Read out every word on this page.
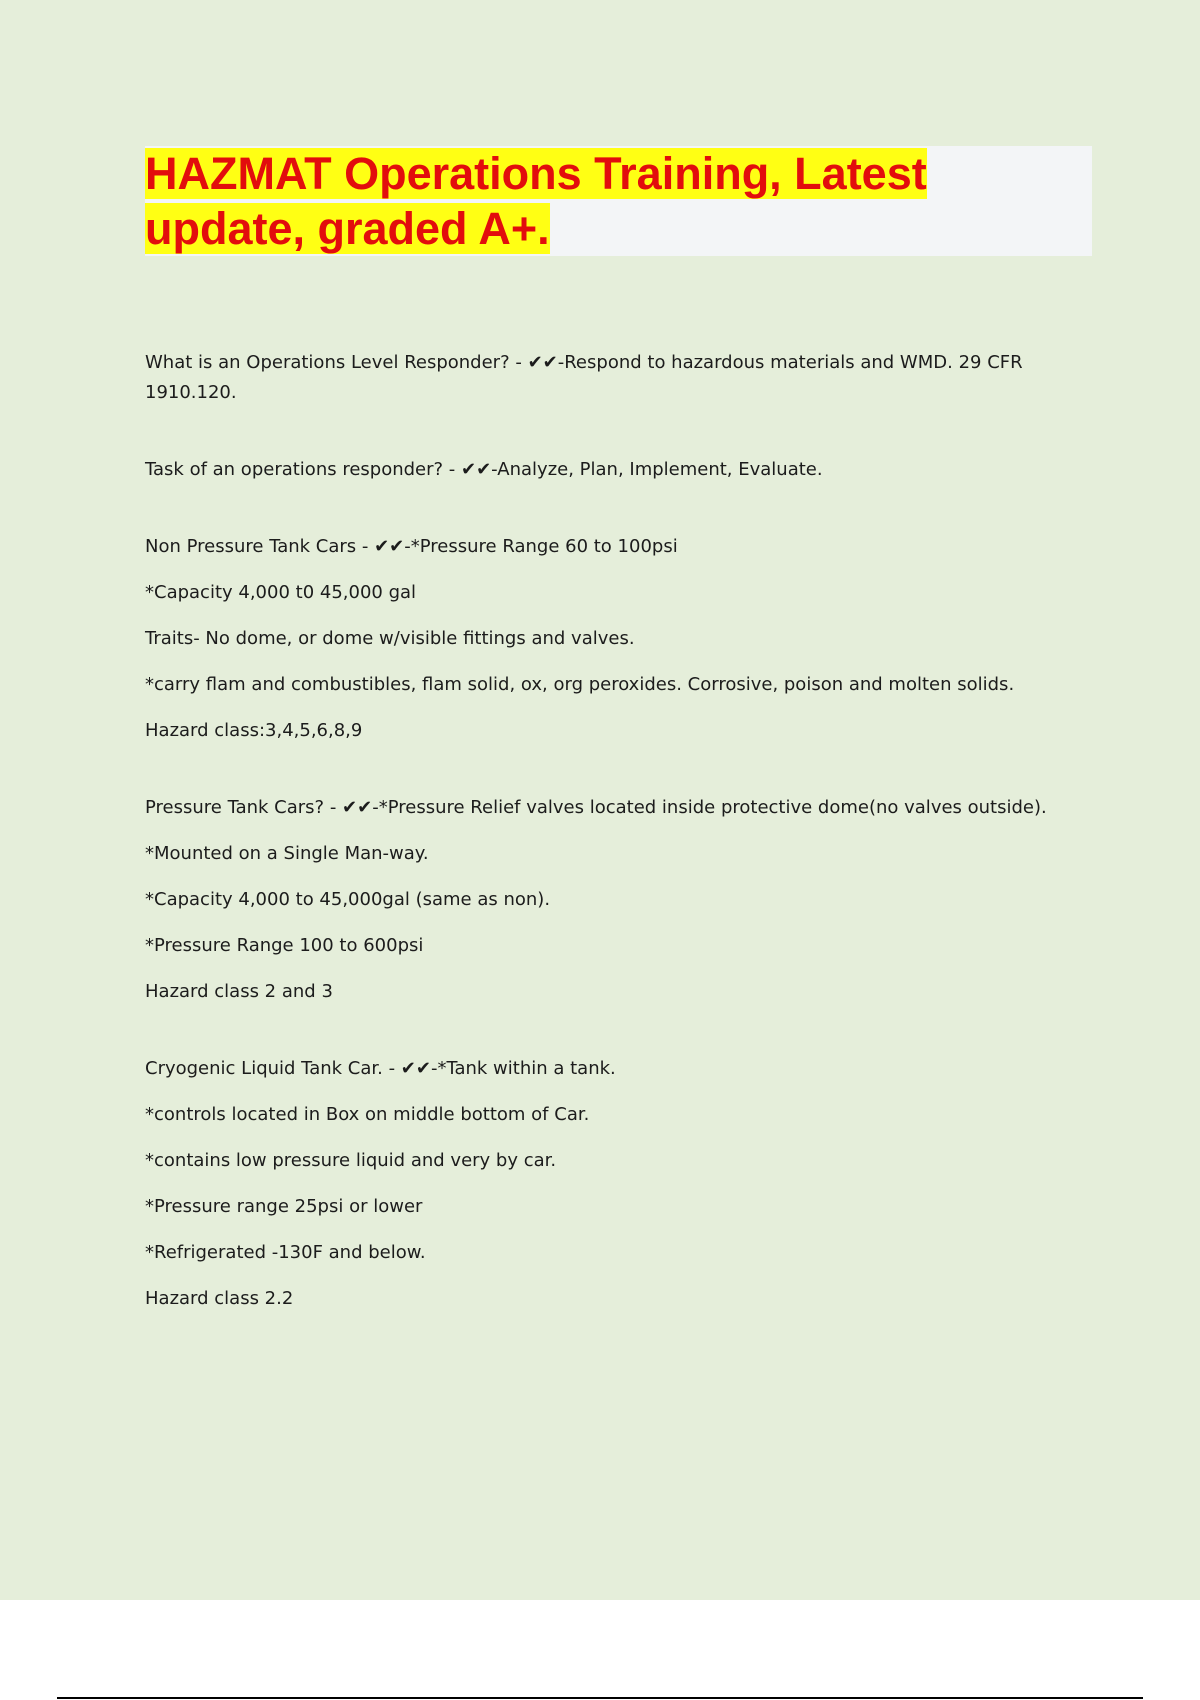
HAZMAT Operations Training, Latest update, graded A+.

What is an Operations Level Responder? - ✔✔-Respond to hazardous materials and WMD. 29 CFR 1910.120.

Task of an operations responder? - ✔✔-Analyze, Plan, Implement, Evaluate.

Non Pressure Tank Cars - ✔✔-*Pressure Range 60 to 100psi

*Capacity 4,000 t0 45,000 gal

Traits- No dome, or dome w/visible fittings and valves.

*carry flam and combustibles, flam solid, ox, org peroxides. Corrosive, poison and molten solids.

Hazard class:3,4,5,6,8,9

Pressure Tank Cars? - ✔✔-*Pressure Relief valves located inside protective dome(no valves outside).

*Mounted on a Single Man-way.

*Capacity 4,000 to 45,000gal (same as non).

*Pressure Range 100 to 600psi

Hazard class 2 and 3

Cryogenic Liquid Tank Car. - ✔✔-*Tank within a tank.

*controls located in Box on middle bottom of Car.

*contains low pressure liquid and very by car.

*Pressure range 25psi or lower

*Refrigerated -130F and below.

Hazard class 2.2
